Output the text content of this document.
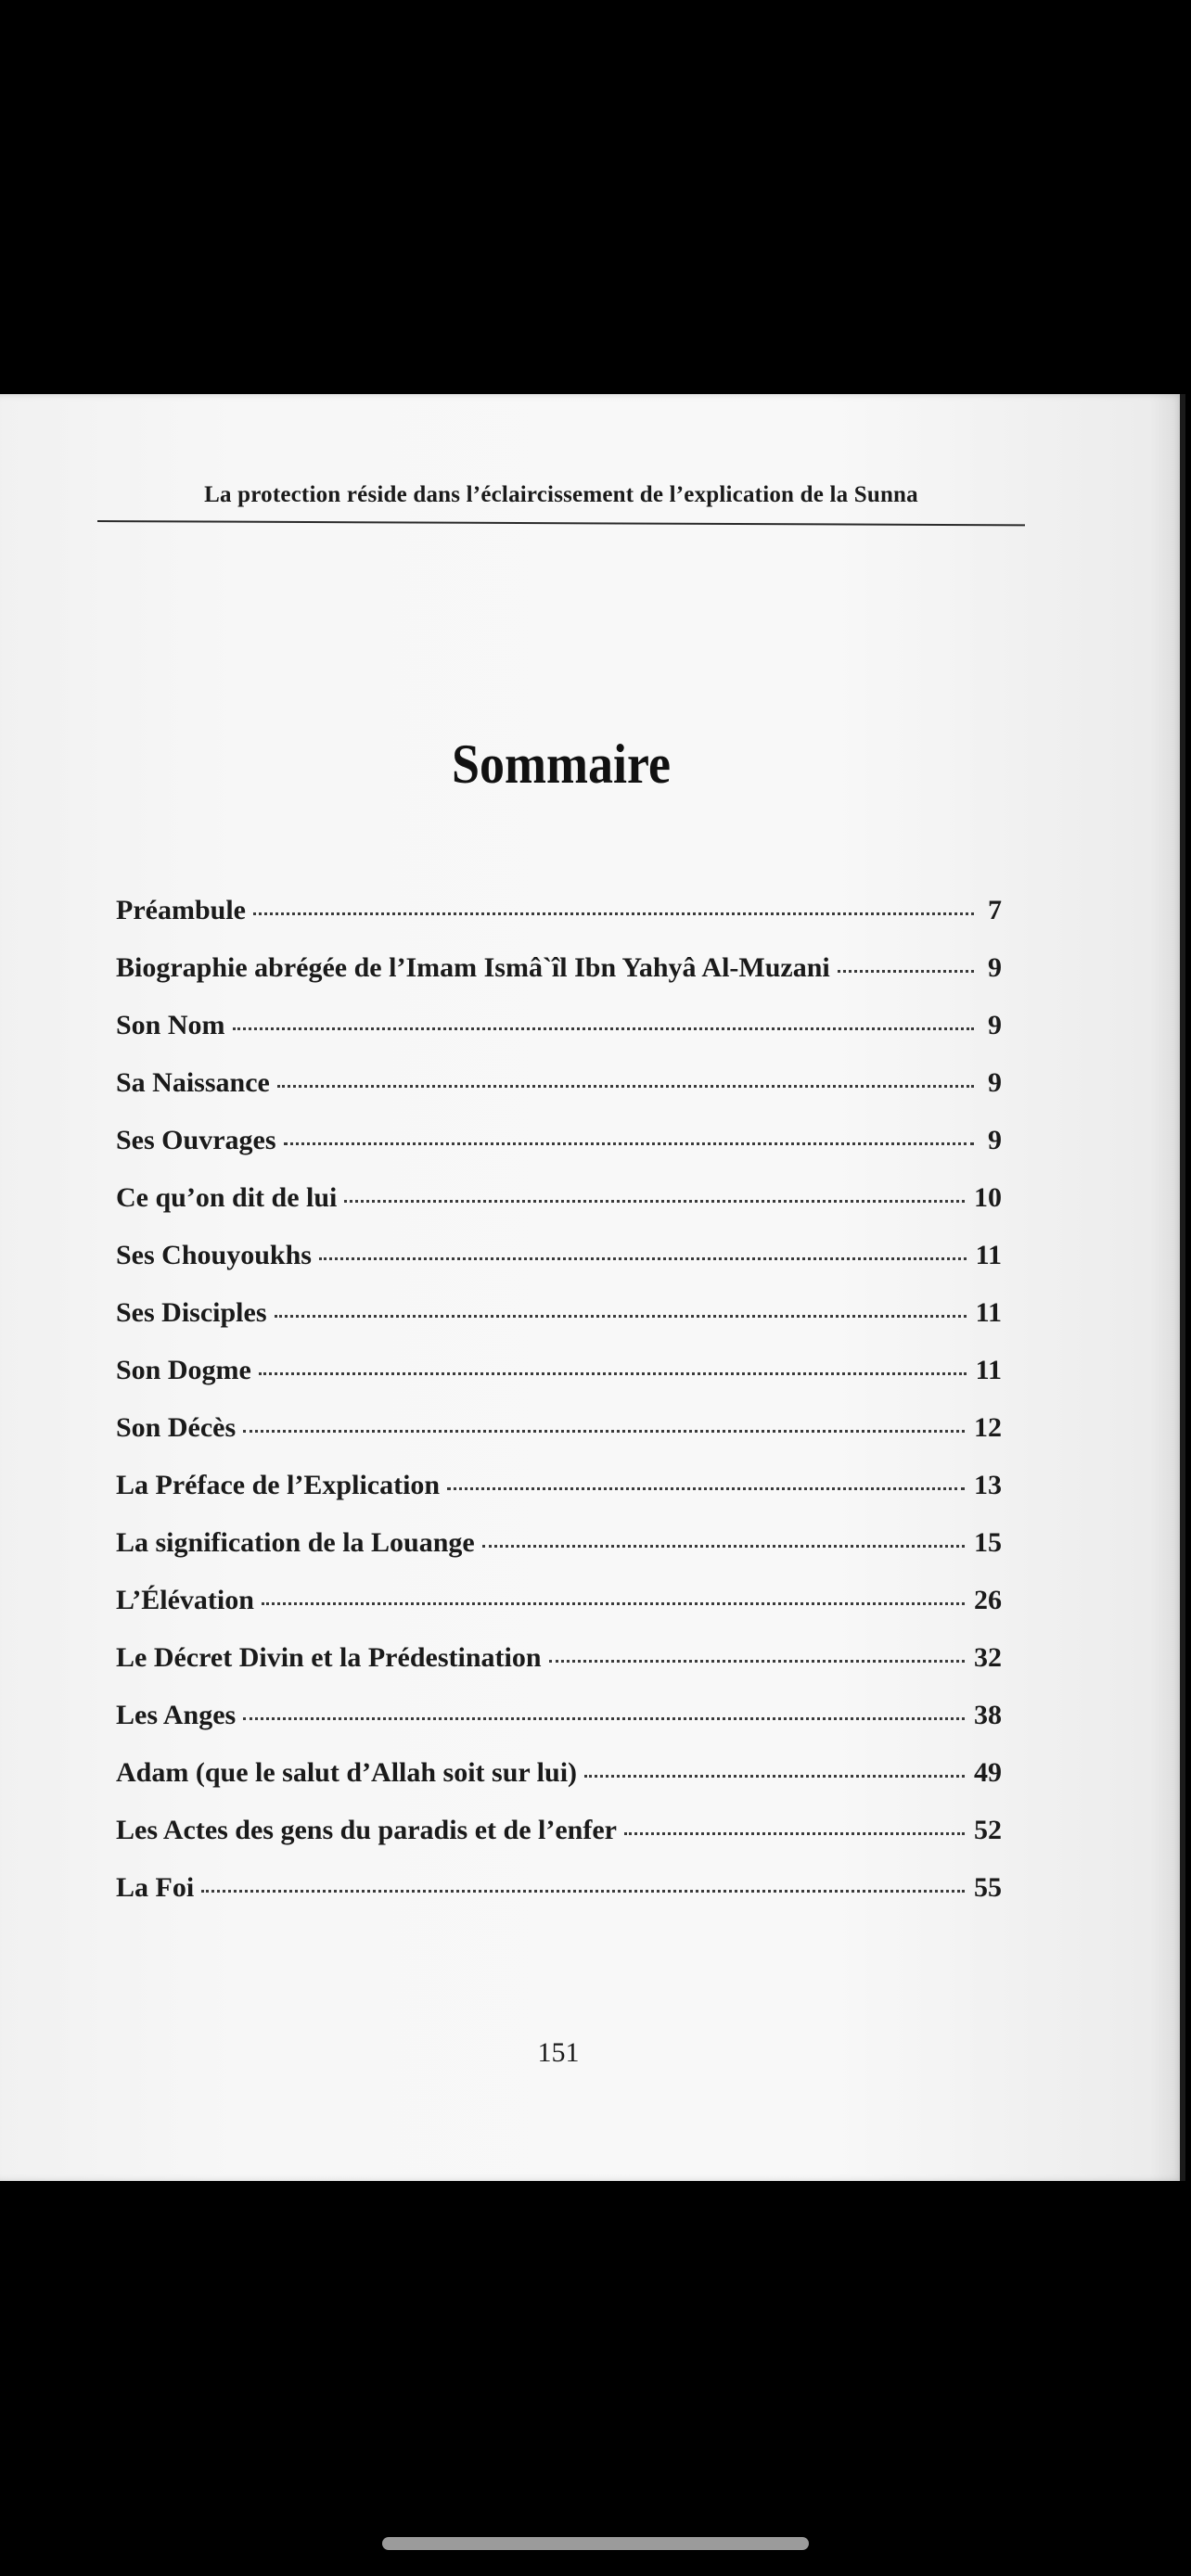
La protection réside dans l’éclaircissement de l’explication de la Sunna
Sommaire
Préambule	7
Biographie abrégée de l’Imam Ismâ`îl Ibn Yahyâ Al-Muzani	9
Son Nom	9
Sa Naissance	9
Ses Ouvrages	9
Ce qu’on dit de lui	10
Ses Chouyoukhs	11
Ses Disciples	11
Son Dogme	11
Son Décès	12
La Préface de l’Explication	13
La signification de la Louange	15
L’Élévation	26
Le Décret Divin et la Prédestination	32
Les Anges	38
Adam (que le salut d’Allah soit sur lui)	49
Les Actes des gens du paradis et de l’enfer	52
La Foi	55
151
